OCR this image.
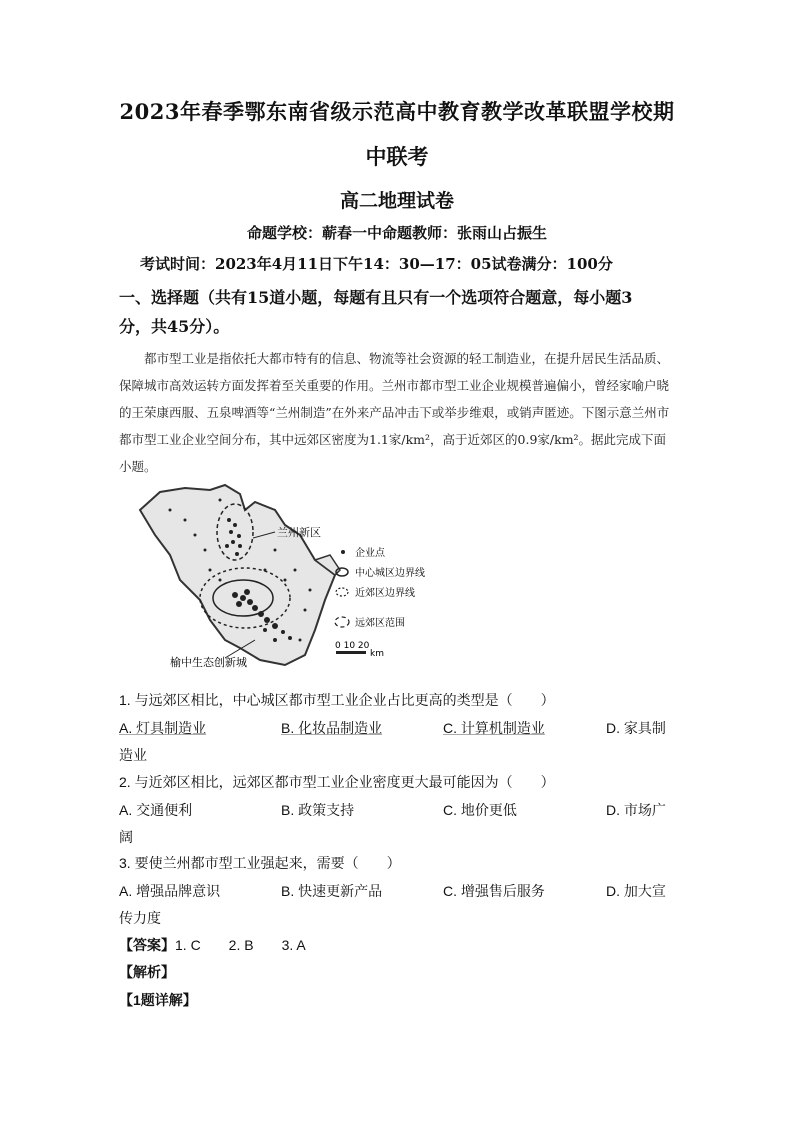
2023年春季鄂东南省级示范高中教育教学改革联盟学校期
中联考
高二地理试卷
命题学校：蕲春一中命题教师：张雨山占振生
考试时间：2023年4月11日下午14：30—17：05试卷满分：100分
一、选择题（共有15道小题，每题有且只有一个选项符合题意，每小题3
分，共45分）。
都市型工业是指依托大都市特有的信息、物流等社会资源的轻工制造业，在提升居民生活品质、保障城市高效运转方面发挥着至关重要的作用。兰州市都市型工业企业规模普遍偏小，曾经家喻户晓的王荣康西服、五泉啤酒等“兰州制造”在外来产品冲击下或举步维艰，或销声匿迹。下图示意兰州市都市型工业企业空间分布，其中远郊区密度为1.1家/km²，高于近郊区的0.9家/km²。据此完成下面小题。
兰州新区
企业点
中心城区边界线
近郊区边界线
远郊区范围
0 10 20
km
榆中生态创新城
1. 与远郊区相比，中心城区都市型工业企业占比更高的类型是（　　）
A. 灯具制造业	B. 化妆品制造业	C. 计算机制造业	D. 家具制
造业
2. 与近郊区相比，远郊区都市型工业企业密度更大最可能因为（　　）
A. 交通便利	B. 政策支持	C. 地价更低	D. 市场广
阔
3. 要使兰州都市型工业强起来，需要（　　）
A. 增强品牌意识	B. 快速更新产品	C. 增强售后服务	D. 加大宣
传力度
【答案】1. C　　2. B　　3. A
【解析】
【1题详解】
